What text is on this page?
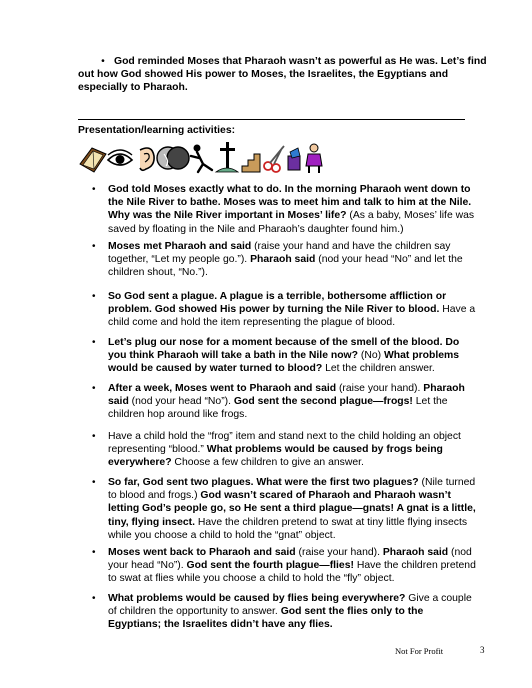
• God reminded Moses that Pharaoh wasn’t as powerful as He was. Let’s find out how God showed His power to Moses, the Israelites, the Egyptians and especially to Pharaoh.
Presentation/learning activities:
• God told Moses exactly what to do. In the morning Pharaoh went down to the Nile River to bathe. Moses was to meet him and talk to him at the Nile. Why was the Nile River important in Moses’ life? (As a baby, Moses’ life was saved by floating in the Nile and Pharaoh’s daughter found him.)

• Moses met Pharaoh and said (raise your hand and have the children say together, “Let my people go.”). Pharaoh said (nod your head “No” and let the children shout, “No.”).

• So God sent a plague. A plague is a terrible, bothersome affliction or problem. God showed His power by turning the Nile River to blood. Have a child come and hold the item representing the plague of blood.

• Let’s plug our nose for a moment because of the smell of the blood. Do you think Pharaoh will take a bath in the Nile now? (No) What problems would be caused by water turned to blood? Let the children answer.

• After a week, Moses went to Pharaoh and said (raise your hand). Pharaoh said (nod your head “No”). God sent the second plague—frogs! Let the children hop around like frogs.

• Have a child hold the “frog” item and stand next to the child holding an object representing “blood.” What problems would be caused by frogs being everywhere? Choose a few children to give an answer.

• So far, God sent two plagues. What were the first two plagues? (Nile turned to blood and frogs.) God wasn’t scared of Pharaoh and Pharaoh wasn’t letting God’s people go, so He sent a third plague—gnats! A gnat is a little, tiny, flying insect. Have the children pretend to swat at tiny little flying insects while you choose a child to hold the “gnat” object.

• Moses went back to Pharaoh and said (raise your hand). Pharaoh said (nod your head “No”). God sent the fourth plague—flies! Have the children pretend to swat at flies while you choose a child to hold the “fly” object.

• What problems would be caused by flies being everywhere? Give a couple of children the opportunity to answer. God sent the flies only to the Egyptians; the Israelites didn’t have any flies.

Not For Profit	3
